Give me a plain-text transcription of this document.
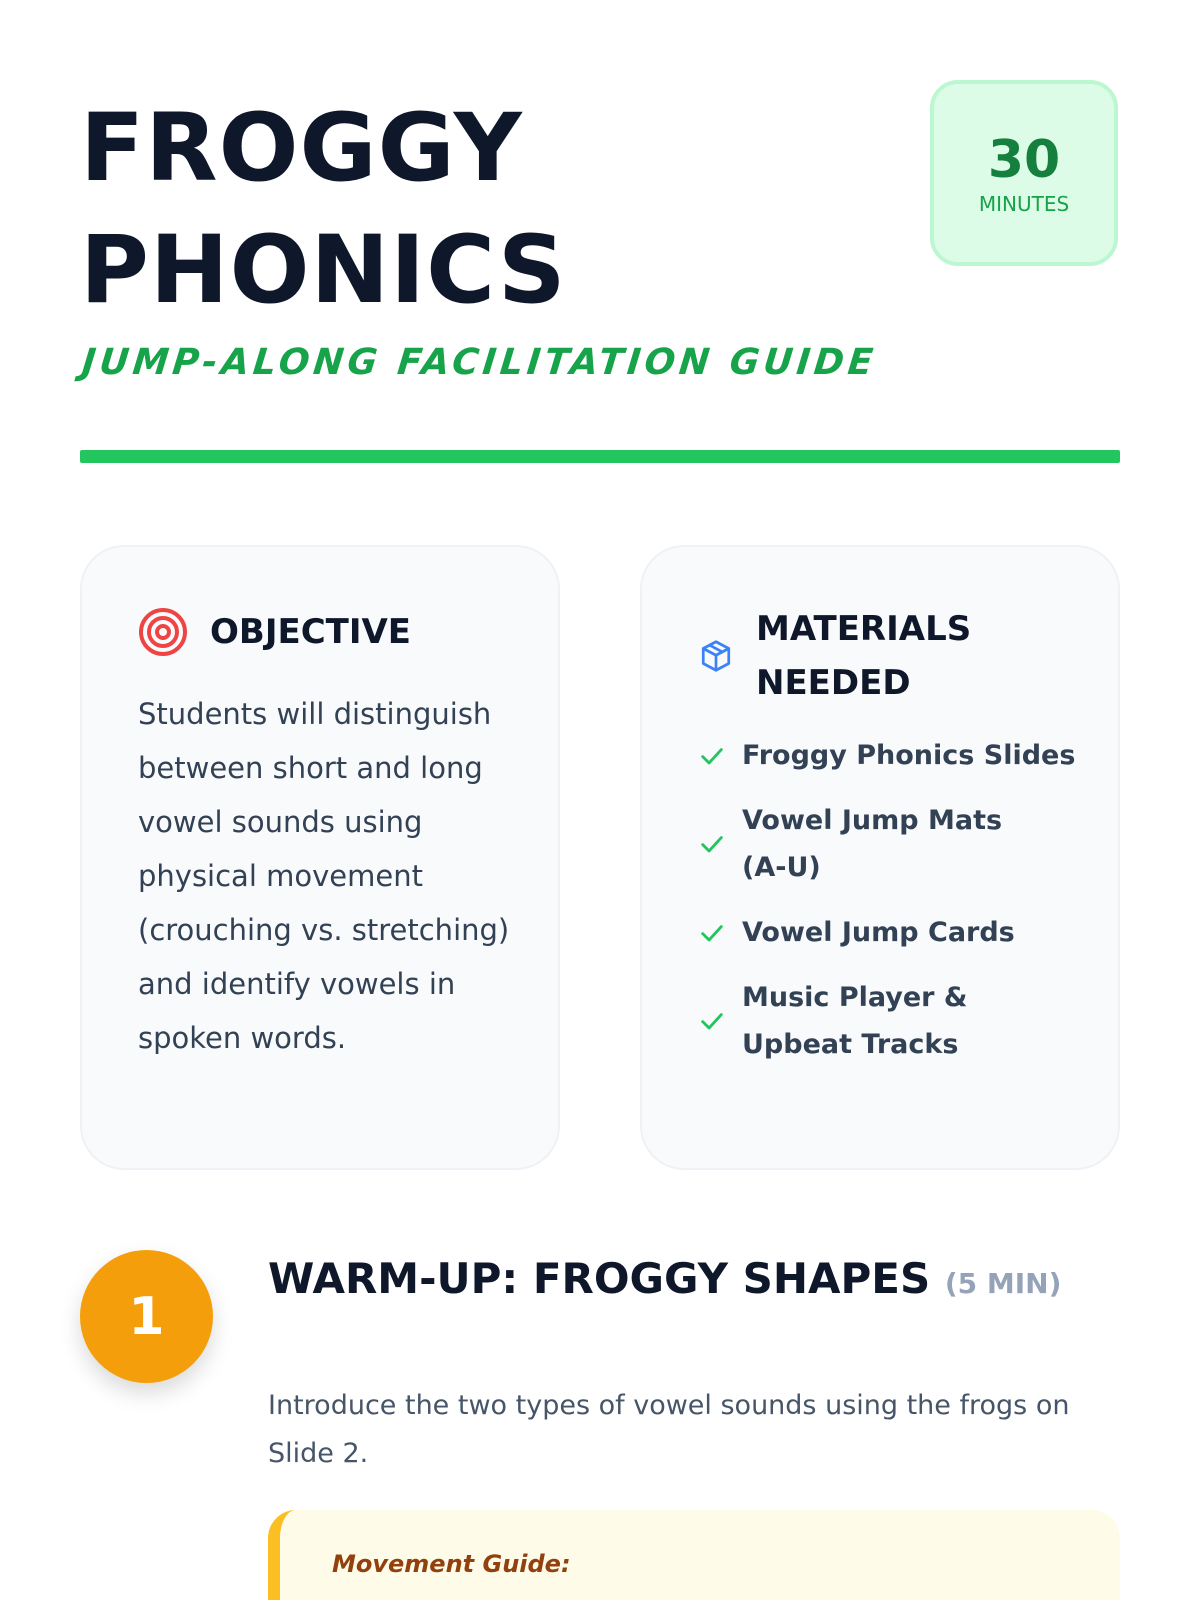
FROGGY
PHONICS
30
MINUTES
JUMP-ALONG FACILITATION GUIDE
OBJECTIVE

Students will distinguish between short and long vowel sounds using physical movement (crouching vs. stretching) and identify vowels in spoken words.

MATERIALS NEEDED
Froggy Phonics Slides
Vowel Jump Mats (A-U)
Vowel Jump Cards
Music Player & Upbeat Tracks
1
WARM-UP: FROGGY SHAPES (5 MIN)

Introduce the two types of vowel sounds using the frogs on Slide 2.

Movement Guide:
